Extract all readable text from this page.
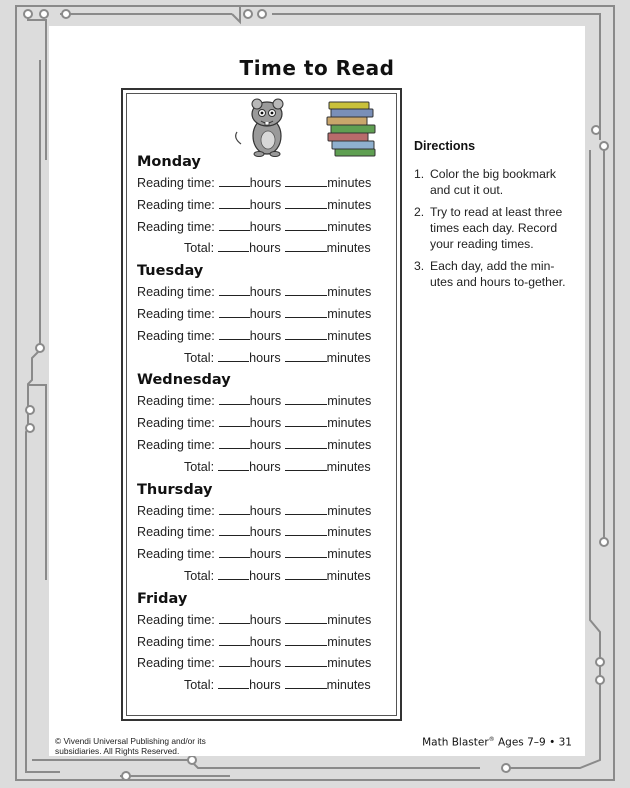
Time to Read
Monday
Reading time:	hours	minutes
Reading time:	hours	minutes
Reading time:	hours	minutes
Total:	hours	minutes
Tuesday
Reading time:	hours	minutes
Reading time:	hours	minutes
Reading time:	hours	minutes
Total:	hours	minutes
Wednesday
Reading time:	hours	minutes
Reading time:	hours	minutes
Reading time:	hours	minutes
Total:	hours	minutes
Thursday
Reading time:	hours	minutes
Reading time:	hours	minutes
Reading time:	hours	minutes
Total:	hours	minutes
Friday
Reading time:	hours	minutes
Reading time:	hours	minutes
Reading time:	hours	minutes
Total:	hours	minutes
Directions
1. Color the big bookmark and cut it out.
2. Try to read at least three times each day. Record your reading times.
3. Each day, add the min-utes and hours to-gether.
© Vivendi Universal Publishing and/or its subsidiaries. All Rights Reserved.
Math Blaster® Ages 7–9 • 31
